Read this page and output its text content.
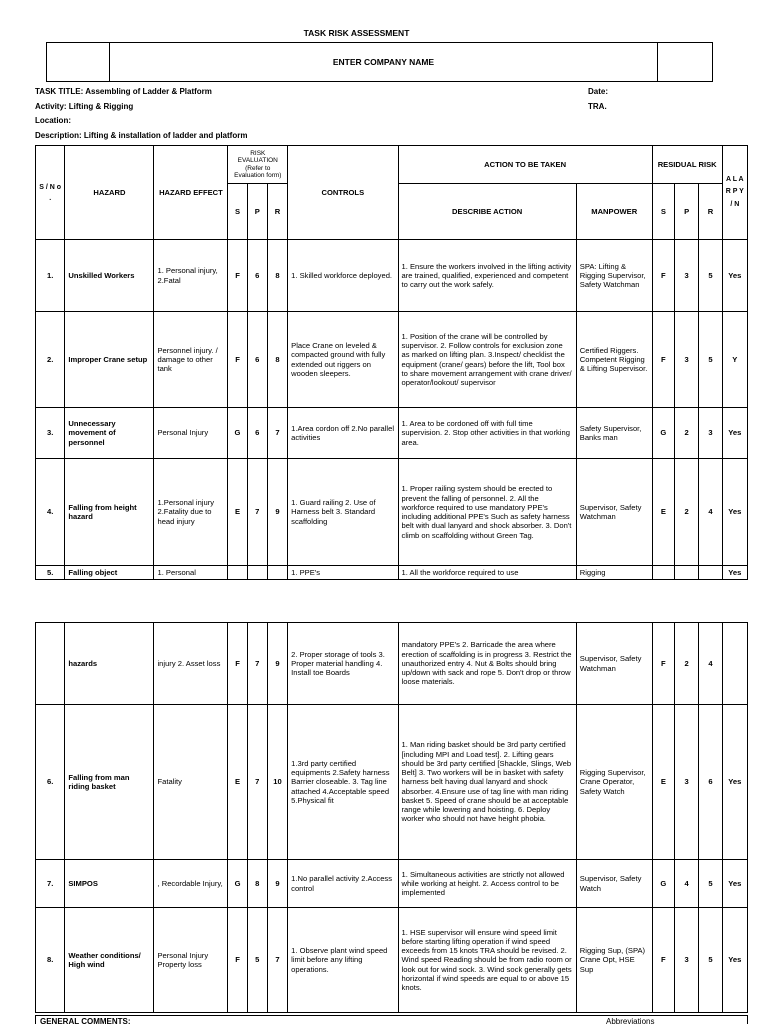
TASK RISK ASSESSMENT
	ENTER COMPANY NAME	
TASK TITLE: Assembling of Ladder & Platform
Activity: Lifting & Rigging
Location:
Description: Lifting & installation of ladder and platform
Date:
TRA.
S / N o .	HAZARD	HAZARD EFFECT	RISK EVALUATION (Refer to Evaluation form)			CONTROLS	ACTION TO BE TAKEN		RESIDUAL RISK			A L A R P Y / N

			S	P	R		DESCRIBE ACTION	MANPOWER	S	P	R	
1.	Unskilled Workers	1. Personal injury, 2.Fatal	F	6	8	1. Skilled workforce deployed.	1. Ensure the workers involved in the lifting activity are trained, qualified, experienced and competent to carry out the work safely.	SPA: Lifting & Rigging Supervisor, Safety Watchman	F	3	5	Yes
2.	Improper Crane setup	Personnel injury. / damage to other tank	F	6	8	Place Crane on leveled & compacted ground with fully extended out riggers on wooden sleepers.	1. Position of the crane will be controlled by supervisor. 2. Follow controls for exclusion zone as marked on lifting plan. 3.Inspect/ checklist the equipment (crane/ gears) before the lift, Tool box to share movement arrangement with crane driver/ operator/lookout/ supervisor	Certified Riggers. Competent Rigging & Lifting Supervisor.	F	3	5	Y
3.	Unnecessary movement of personnel	Personal Injury	G	6	7	1.Area cordon off 2.No parallel activities	1. Area to be cordoned off with full time supervision. 2. Stop other activities in that working area.	Safety Supervisor, Banks man	G	2	3	Yes
4.	Falling from height hazard	1.Personal injury 2.Fatality due to head injury	E	7	9	1. Guard railing 2. Use of Harness belt 3. Standard scaffolding	1. Proper railing system should be erected to prevent the falling of personnel. 2. All the workforce required to use mandatory PPE's including additional PPE's Such as safety harness belt with dual lanyard and shock absorber. 3. Don't climb on scaffolding without Green Tag.	Supervisor, Safety Watchman	E	2	4	Yes
5.	Falling object	1. Personal				1. PPE's	1. All the workforce required to use	Rigging				Yes
	hazards	injury 2. Asset loss	F	7	9	2. Proper storage of tools 3. Proper material handling 4. Install toe Boards	mandatory PPE's 2. Barricade the area where erection of scaffolding is in progress 3. Restrict the unauthorized entry 4. Nut & Bolts should bring up/down with sack and rope 5. Don't drop or throw loose materials.	Supervisor, Safety Watchman	F	2	4	
6.	Falling from man riding basket	Fatality	E	7	10	1.3rd party certified equipments 2.Safety harness Barrier closeable. 3. Tag line attached 4.Acceptable speed 5.Physical fit	1. Man riding basket should be 3rd party certified [including MPI and Load test]. 2. Lifting gears should be 3rd party certified [Shackle, Slings, Web Belt] 3. Two workers will be in basket with safety harness belt having dual lanyard and shock absorber. 4.Ensure use of tag line with man riding basket 5. Speed of crane should be at acceptable range while lowering and hoisting. 6. Deploy worker who should not have height phobia.	Rigging Supervisor, Crane Operator, Safety Watch	E	3	6	Yes
7.	SIMPOS	, Recordable Injury,	G	8	9	1.No parallel activity 2.Access control	1. Simultaneous activities are strictly not allowed while working at height. 2. Access control to be implemented	Supervisor, Safety Watch	G	4	5	Yes
8.	Weather conditions/ High wind	Personal Injury Property loss	F	5	7	1. Observe plant wind speed limit before any lifting operations.	1. HSE supervisor will ensure wind speed limit before starting lifting operation if wind speed exceeds from 15 knots TRA should be revised. 2. Wind speed Reading should be from radio room or look out for wind sock. 3. Wind sock generally gets horizontal if wind speeds are equal to or above 15 knots.	Rigging Sup, (SPA) Crane Opt, HSE Sup	F	3	5	Yes
GENERAL COMMENTS:	Abbreviations
